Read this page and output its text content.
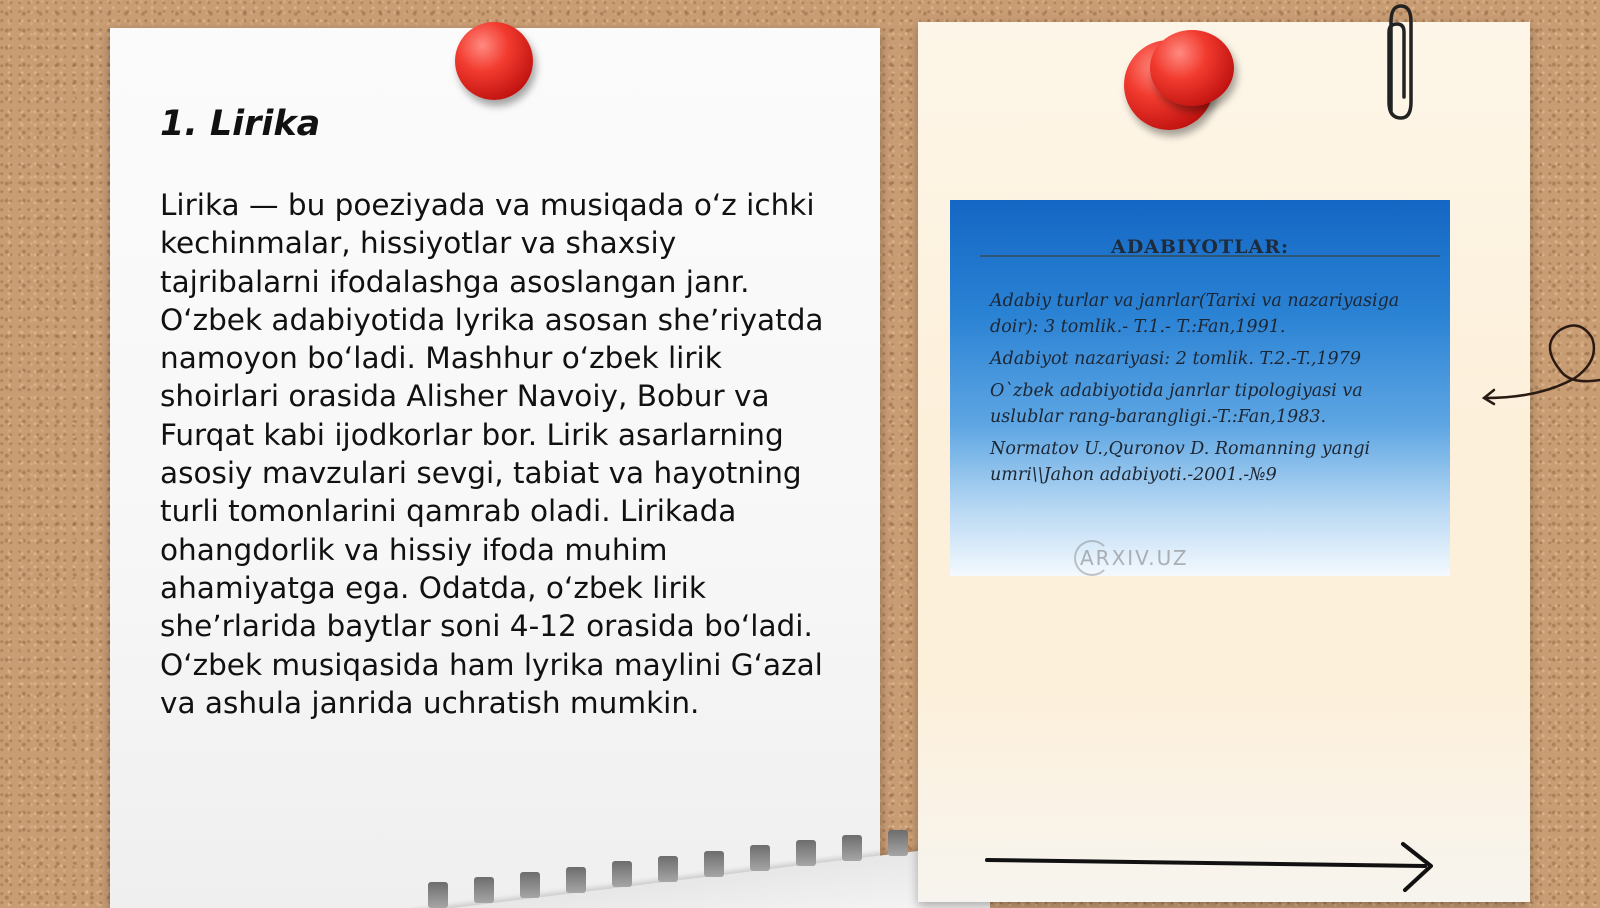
1. Lirika

Lirika — bu poeziyada va musiqada o‘z ichki kechinmalar, hissiyotlar va shaxsiy tajribalarni ifodalashga asoslangan janr. O‘zbek adabiyotida lyrika asosan she’riyatda namoyon bo‘ladi. Mashhur o‘zbek lirik shoirlari orasida Alisher Navoiy, Bobur va Furqat kabi ijodkorlar bor. Lirik asarlarning asosiy mavzulari sevgi, tabiat va hayotning turli tomonlarini qamrab oladi. Lirikada ohangdorlik va hissiy ifoda muhim ahamiyatga ega. Odatda, o‘zbek lirik she’rlarida baytlar soni 4-12 orasida bo‘ladi. O‘zbek musiqasida ham lyrika maylini G‘azal va ashula janrida uchratish mumkin.

ADABIYOTLAR:
Adabiy turlar va janrlar(Tarixi va nazariyasiga doir): 3 tomlik.- T.1.- T.:Fan,1991.
Adabiyot nazariyasi: 2 tomlik. T.2.-T.,1979
O`zbek adabiyotida janrlar tipologiyasi va uslublar rang-barangligi.-T.:Fan,1983.
Normatov U.,Quronov D. Romanning yangi umri\\Jahon adabiyoti.-2001.-№9
ARXIV.UZ
